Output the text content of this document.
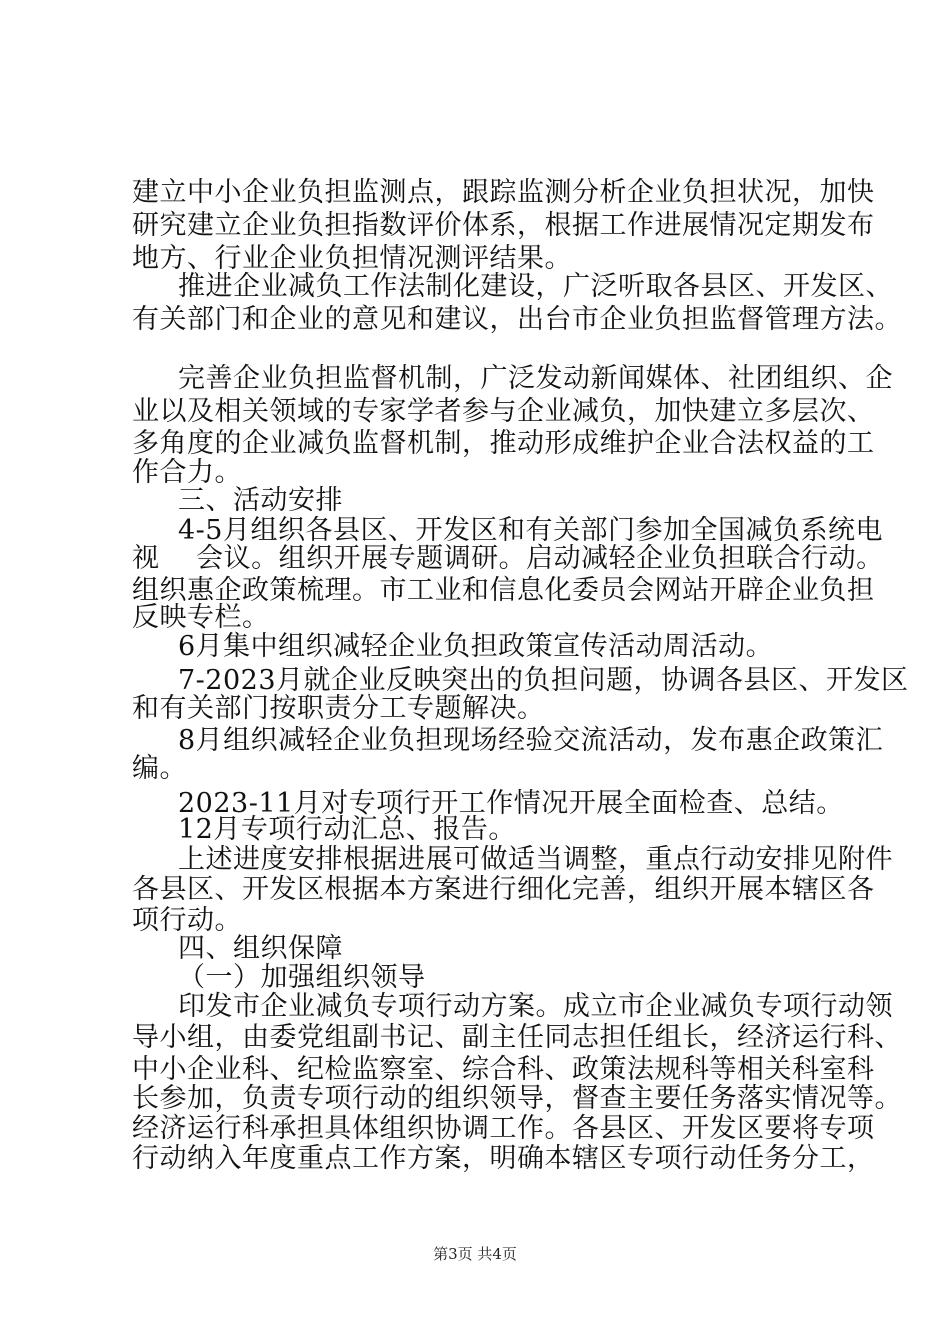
建立中小企业负担监测点，跟踪监测分析企业负担状况，加快
研究建立企业负担指数评价体系，根据工作进展情况定期发布
地方、行业企业负担情况测评结果。
推进企业减负工作法制化建设，广泛听取各县区、开发区、
有关部门和企业的意见和建议，出台市企业负担监督管理方法。
完善企业负担监督机制，广泛发动新闻媒体、社团组织、企
业以及相关领域的专家学者参与企业减负，加快建立多层次、
多角度的企业减负监督机制，推动形成维护企业合法权益的工
作合力。
三、活动安排
4-5月组织各县区、开发区和有关部门参加全国减负系统电
视　 会议。组织开展专题调研。启动减轻企业负担联合行动。
组织惠企政策梳理。市工业和信息化委员会网站开辟企业负担
反映专栏。
6月集中组织减轻企业负担政策宣传活动周活动。
7-2023月就企业反映突出的负担问题，协调各县区、开发区
和有关部门按职责分工专题解决。
8月组织减轻企业负担现场经验交流活动，发布惠企政策汇
编。
2023-11月对专项行开工作情况开展全面检查、总结。
12月专项行动汇总、报告。
上述进度安排根据进展可做适当调整，重点行动安排见附件
各县区、开发区根据本方案进行细化完善，组织开展本辖区各
项行动。
四、组织保障
（一）加强组织领导
印发市企业减负专项行动方案。成立市企业减负专项行动领
导小组，由委党组副书记、副主任同志担任组长，经济运行科、
中小企业科、纪检监察室、综合科、政策法规科等相关科室科
长参加，负责专项行动的组织领导，督查主要任务落实情况等。
经济运行科承担具体组织协调工作。各县区、开发区要将专项
行动纳入年度重点工作方案，明确本辖区专项行动任务分工，
第3页 共4页
